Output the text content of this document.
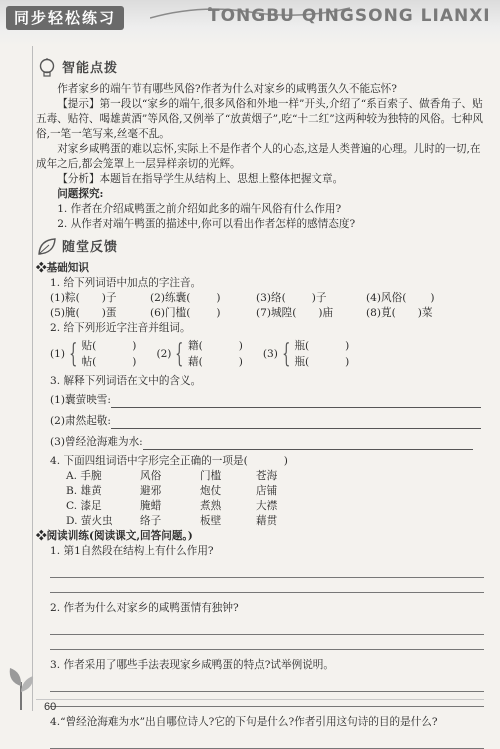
同步轻松练习	TONGBU QINGSONG LIANXI
智能点拨

作者家乡的端午节有哪些风俗?作者为什么对家乡的咸鸭蛋久久不能忘怀?

【提示】第一段以“家乡的端午,很多风俗和外地一样”开头,介绍了“系百索子、做香角子、贴五毒、贴符、喝雄黄酒”等风俗,又例举了“放黄烟子”,吃“十二红”这两种较为独特的风俗。七种风俗,一笔一笔写来,丝毫不乱。

对家乡咸鸭蛋的难以忘怀,实际上不是作者个人的心态,这是人类普遍的心理。儿时的一切,在成年之后,都会笼罩上一层异样亲切的光辉。

【分析】本题旨在指导学生从结构上、思想上整体把握文章。

问题探究:

1. 作者在介绍咸鸭蛋之前介绍如此多的端午风俗有什么作用?

2. 从作者对端午鸭蛋的描述中,你可以看出作者怎样的感情态度?

随堂反馈

❖基础知识

1. 给下列词语中加点的字注音。

(1)粽( )子	(2)练囊( )	(3)络( )子	(4)风俗( )
(5)腌( )蛋	(6)门槛( )	(7)城隍( )庙	(8)莧( )菜

2. 给下列形近字注音并组词。

(1) { 贴(	)
帖(	)
(2) { 籍(	)
藉(	)
(3) { 瓶(	)
瓶(	)

3. 解释下列词语在文中的含义。

(1)囊萤映雪:
(2)肃然起敬:
(3)曾经沧海难为水:

4. 下面四组词语中字形完全正确的一项是(	)

A. 手腕	风俗	门槛	苍海
B. 雄黄	避邪	炮仗	店铺
C. 漆足	腌蜡	煮熟	大襟
D. 萤火虫	络子	板壁	藉贯

❖阅读训练(阅读课文,回答问题。)

1. 第1自然段在结构上有什么作用?

2. 作者为什么对家乡的咸鸭蛋情有独钟?

3. 作者采用了哪些手法表现家乡咸鸭蛋的特点?试举例说明。

4.“曾经沧海难为水”出自哪位诗人?它的下句是什么?作者引用这句诗的目的是什么?

60
